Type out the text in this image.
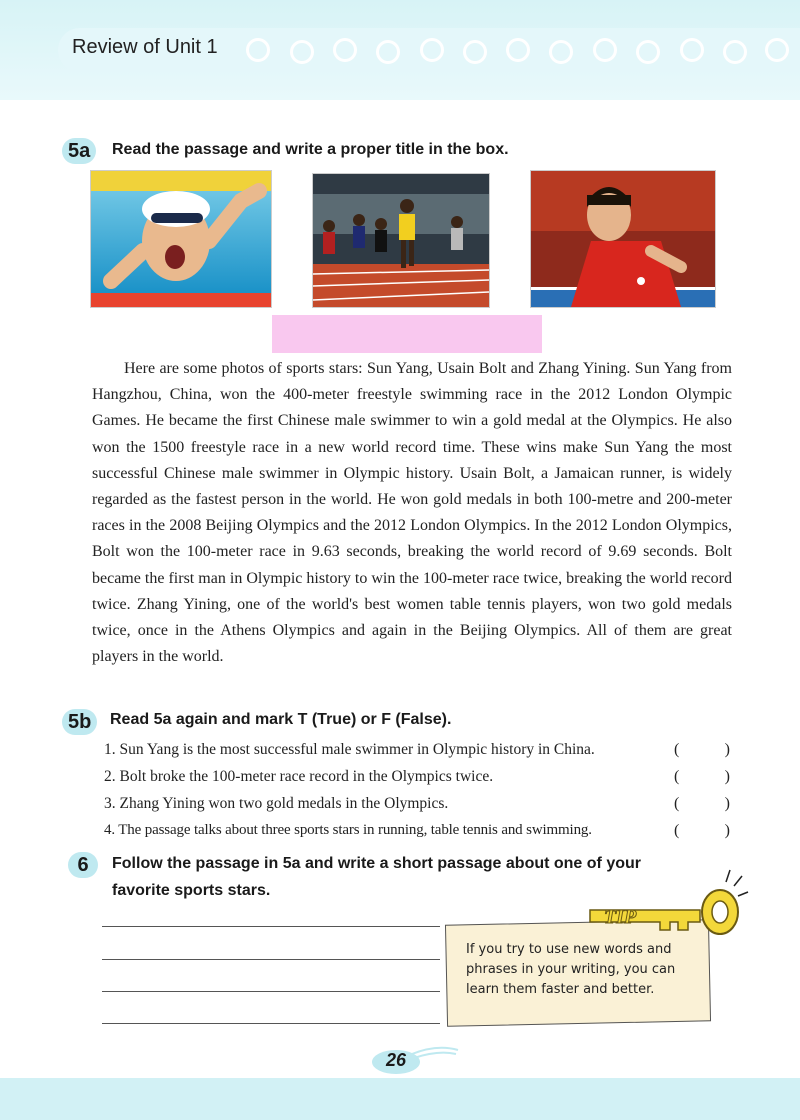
Review of Unit 1
5a	Read the passage and write a proper title in the box.

Here are some photos of sports stars: Sun Yang, Usain Bolt and Zhang Yining. Sun Yang from Hangzhou, China, won the 400-meter freestyle swimming race in the 2012 London Olympic Games. He became the first Chinese male swimmer to win a gold medal at the Olympics. He also won the 1500 freestyle race in a new world record time. These wins make Sun Yang the most successful Chinese male swimmer in Olympic history. Usain Bolt, a Jamaican runner, is widely regarded as the fastest person in the world. He won gold medals in both 100-metre and 200-meter races in the 2008 Beijing Olympics and the 2012 London Olympics. In the 2012 London Olympics, Bolt won the 100-meter race in 9.63 seconds, breaking the world record of 9.69 seconds. Bolt became the first man in Olympic history to win the 100-meter race twice, breaking the world record twice. Zhang Yining, one of the world's best women table tennis players, won two gold medals twice, once in the Athens Olympics and again in the Beijing Olympics. All of them are great players in the world.

5b	Read 5a again and mark T (True) or F (False).
1. Sun Yang is the most successful male swimmer in Olympic history in China.	(	)
2. Bolt broke the 100-meter race record in the Olympics twice.	(	)
3. Zhang Yining won two gold medals in the Olympics.	(	)
4. The passage talks about three sports stars in running, table tennis and swimming.	(	)
6	Follow the passage in 5a and write a short passage about one of your
favorite sports stars.
TIP
If you try to use new words and phrases in your writing, you can learn them faster and better.
26
